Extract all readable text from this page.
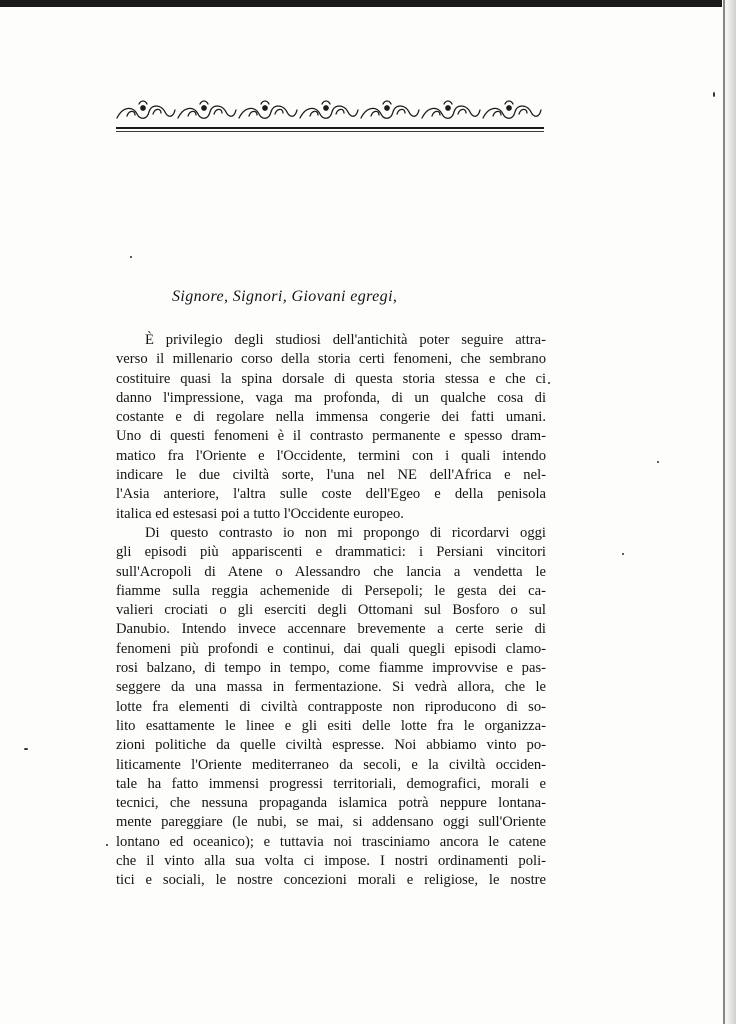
Signore, Signori, Giovani egregi,
È privilegio degli studiosi dell'antichità poter seguire attra-
verso il millenario corso della storia certi fenomeni, che sembrano
costituire quasi la spina dorsale di questa storia stessa e che ci
danno l'impressione, vaga ma profonda, di un qualche cosa di
costante e di regolare nella immensa congerie dei fatti umani.
Uno di questi fenomeni è il contrasto permanente e spesso dram-
matico fra l'Oriente e l'Occidente, termini con i quali intendo
indicare le due civiltà sorte, l'una nel NE dell'Africa e nel-
l'Asia anteriore, l'altra sulle coste dell'Egeo e della penisola
italica ed estesasi poi a tutto l'Occidente europeo.
Di questo contrasto io non mi propongo di ricordarvi oggi
gli episodi più appariscenti e drammatici: i Persiani vincitori
sull'Acropoli di Atene o Alessandro che lancia a vendetta le
fiamme sulla reggia achemenide di Persepoli; le gesta dei ca-
valieri crociati o gli eserciti degli Ottomani sul Bosforo o sul
Danubio. Intendo invece accennare brevemente a certe serie di
fenomeni più profondi e continui, dai quali quegli episodi clamo-
rosi balzano, di tempo in tempo, come fiamme improvvise e pas-
seggere da una massa in fermentazione. Si vedrà allora, che le
lotte fra elementi di civiltà contrapposte non riproducono di so-
lito esattamente le linee e gli esiti delle lotte fra le organizza-
zioni politiche da quelle civiltà espresse. Noi abbiamo vinto po-
liticamente l'Oriente mediterraneo da secoli, e la civiltà occiden-
tale ha fatto immensi progressi territoriali, demografici, morali e
tecnici, che nessuna propaganda islamica potrà neppure lontana-
mente pareggiare (le nubi, se mai, si addensano oggi sull'Oriente
lontano ed oceanico); e tuttavia noi trasciniamo ancora le catene
che il vinto alla sua volta ci impose. I nostri ordinamenti poli-
tici e sociali, le nostre concezioni morali e religiose, le nostre
